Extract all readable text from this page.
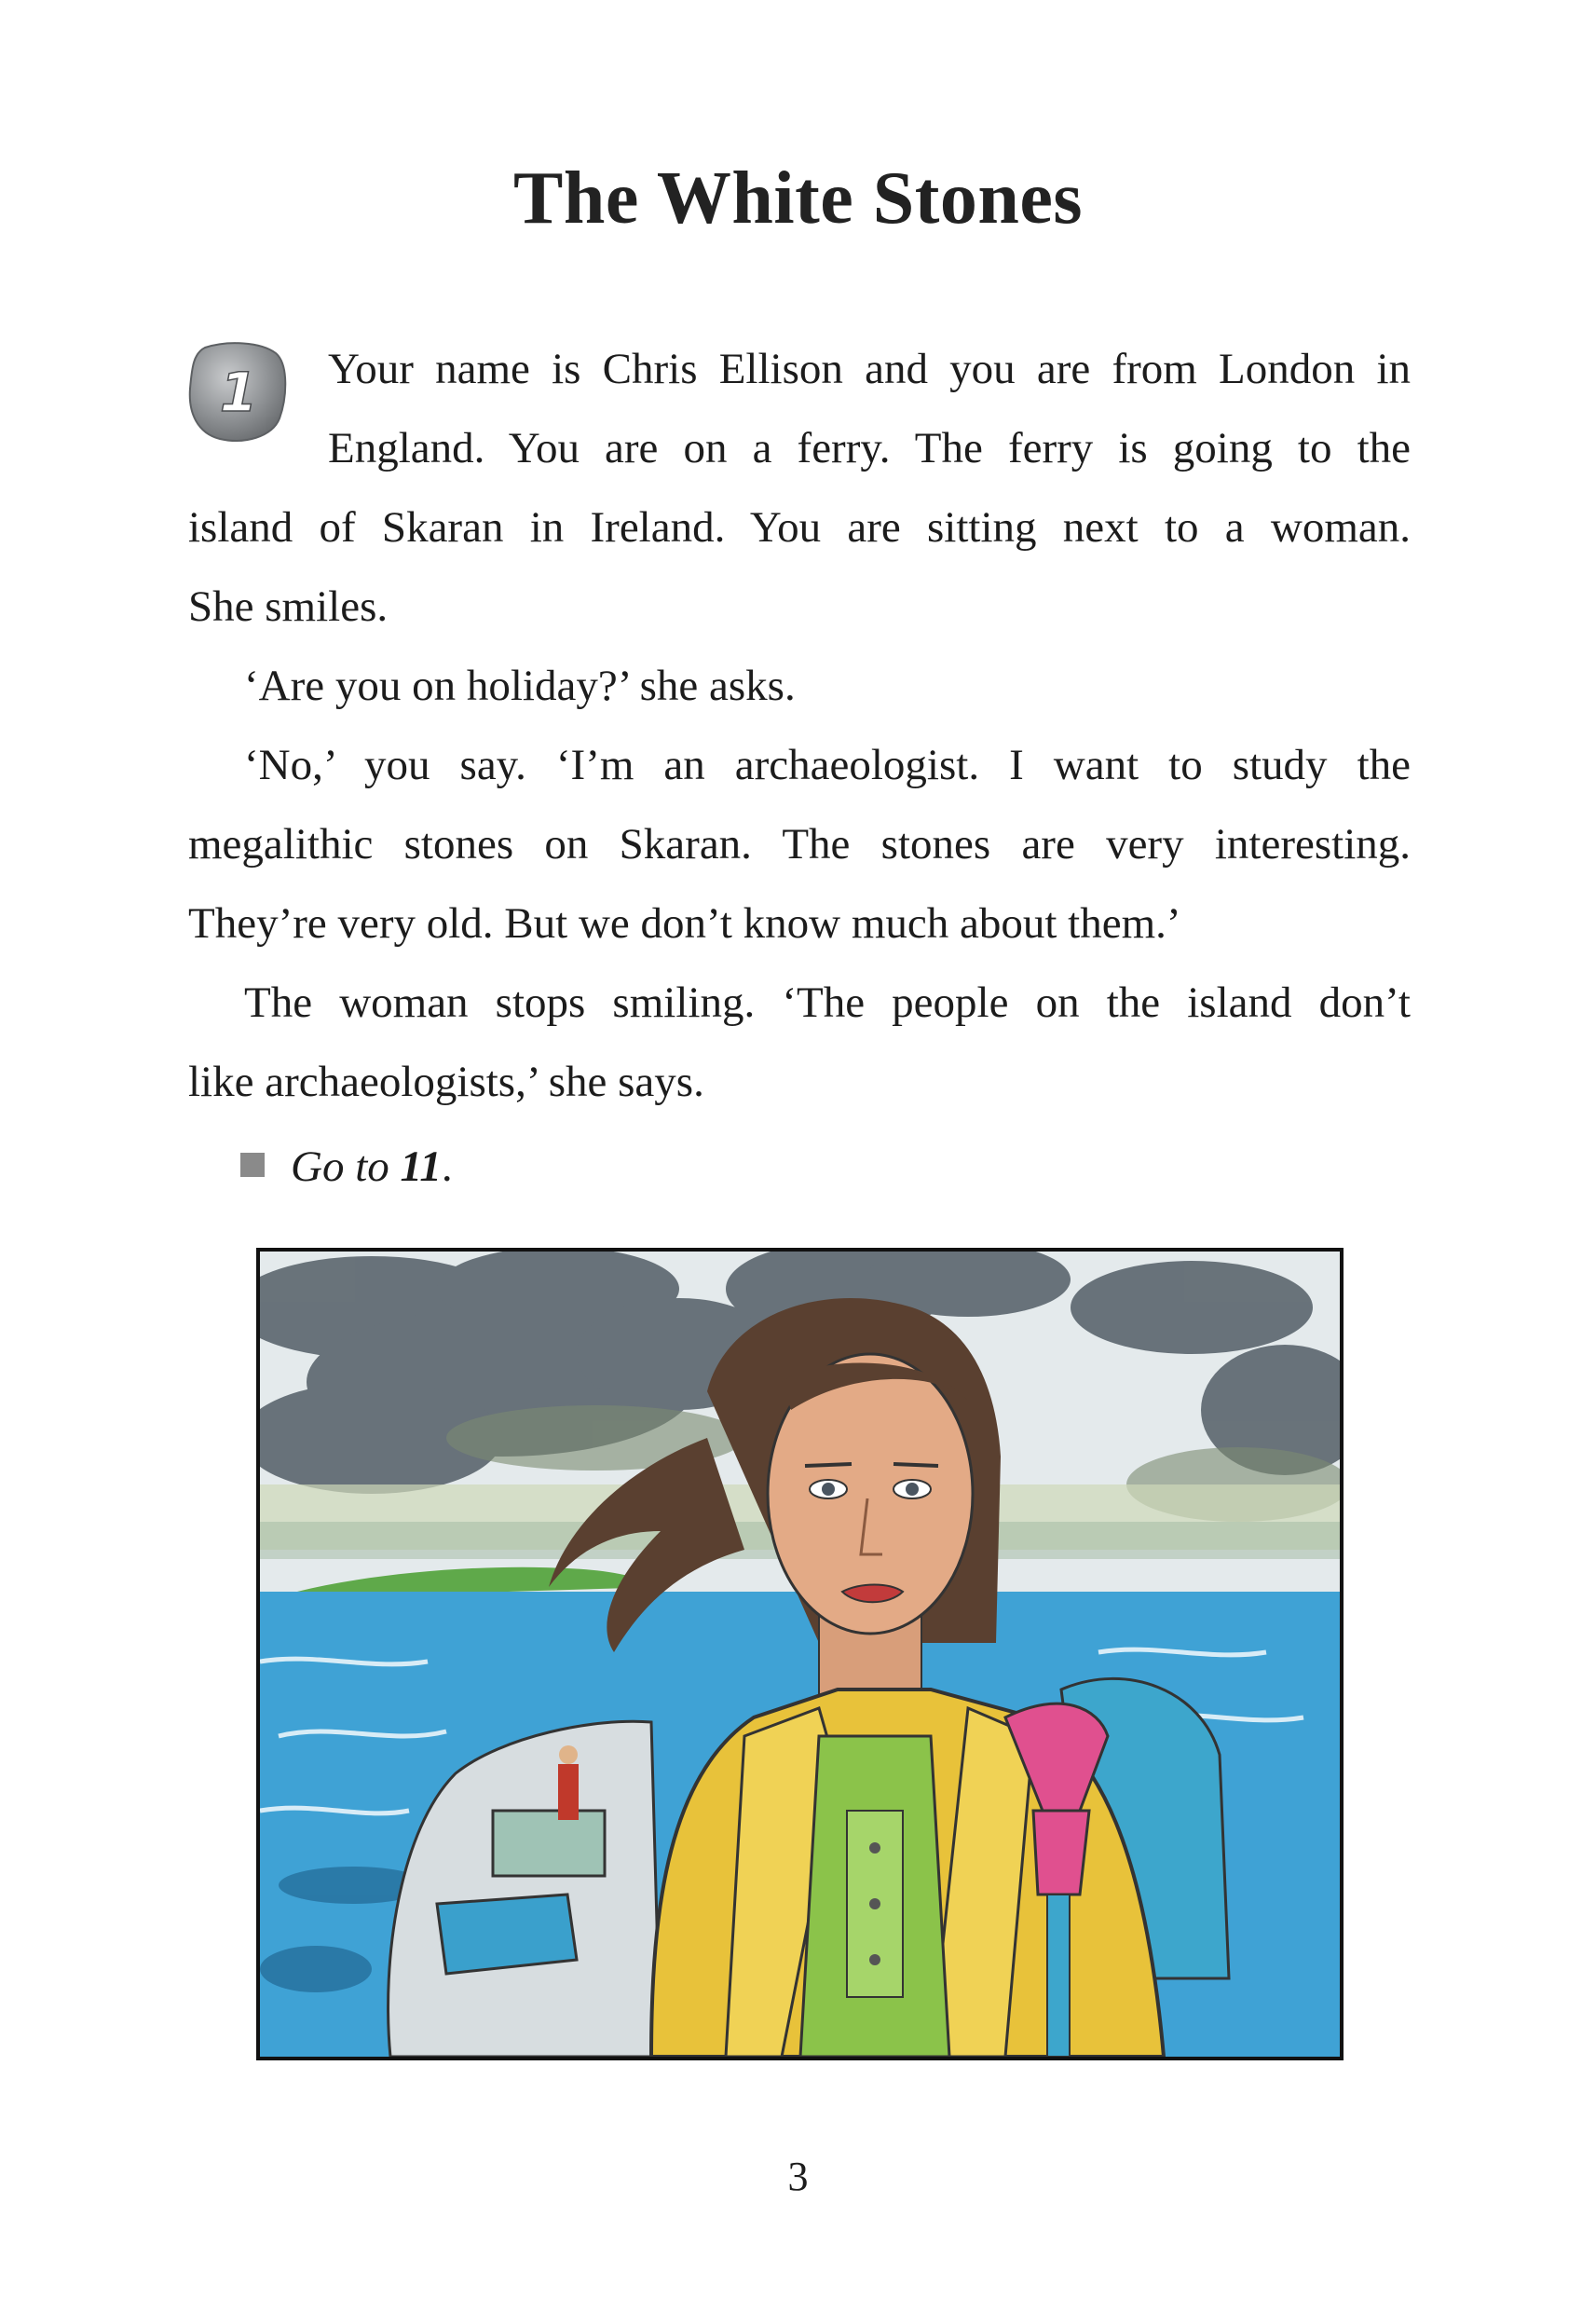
The White Stones
1	Your name is Chris Ellison and you are from London in
England. You are on a ferry. The ferry is going to the
island of Skaran in Ireland. You are sitting next to a woman.
She smiles.
‘Are you on holiday?’ she asks.
‘No,’ you say. ‘I’m an archaeologist. I want to study the
megalithic stones on Skaran. The stones are very interesting.
They’re very old. But we don’t know much about them.’
The woman stops smiling. ‘The people on the island don’t
like archaeologists,’ she says.
Go to 11.
3
